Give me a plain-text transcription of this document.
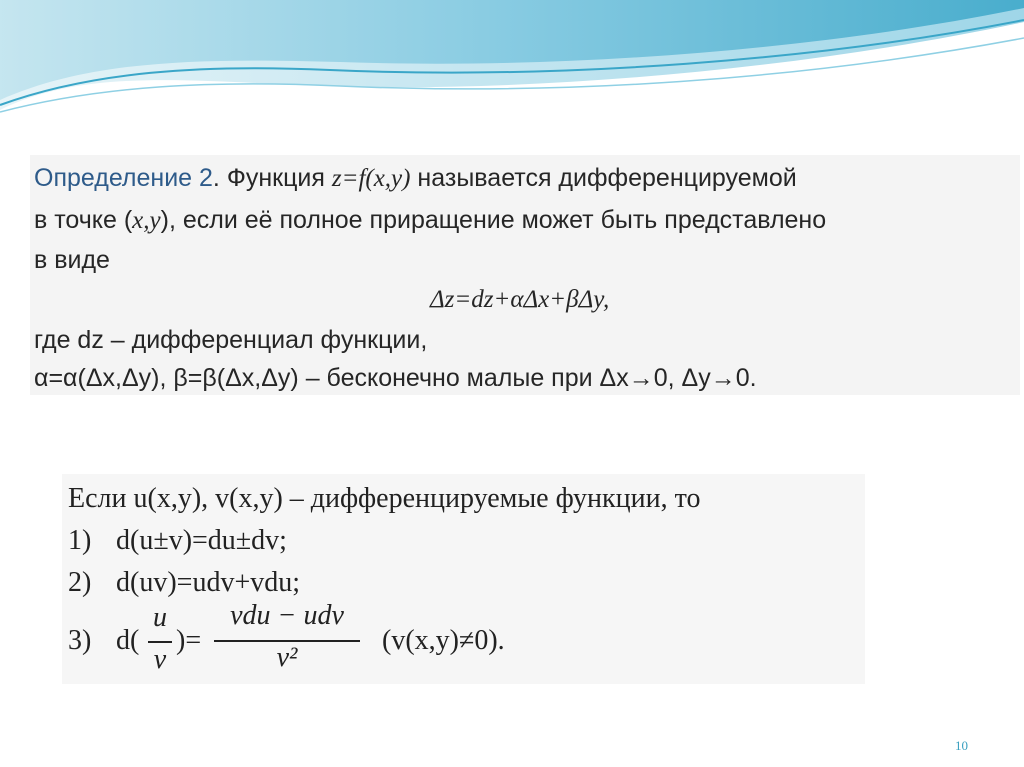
Определение 2. Функция z=f(x,y) называется дифференцируемой
в точке (x,y), если её полное приращение может быть представлено
в виде
Δz=dz+αΔx+βΔy,
где dz – дифференциал функции,
α=α(Δx,Δy), β=β(Δx,Δy) – бесконечно малые при Δx→0, Δy→0.
Если u(x,y), v(x,y) – дифференцируемые функции, то
1) d(u±v)=du±dv;
2) d(uv)=udv+vdu;
3) d(
u
v
)=
vdu − udv
v²
(v(x,y)≠0).
10
